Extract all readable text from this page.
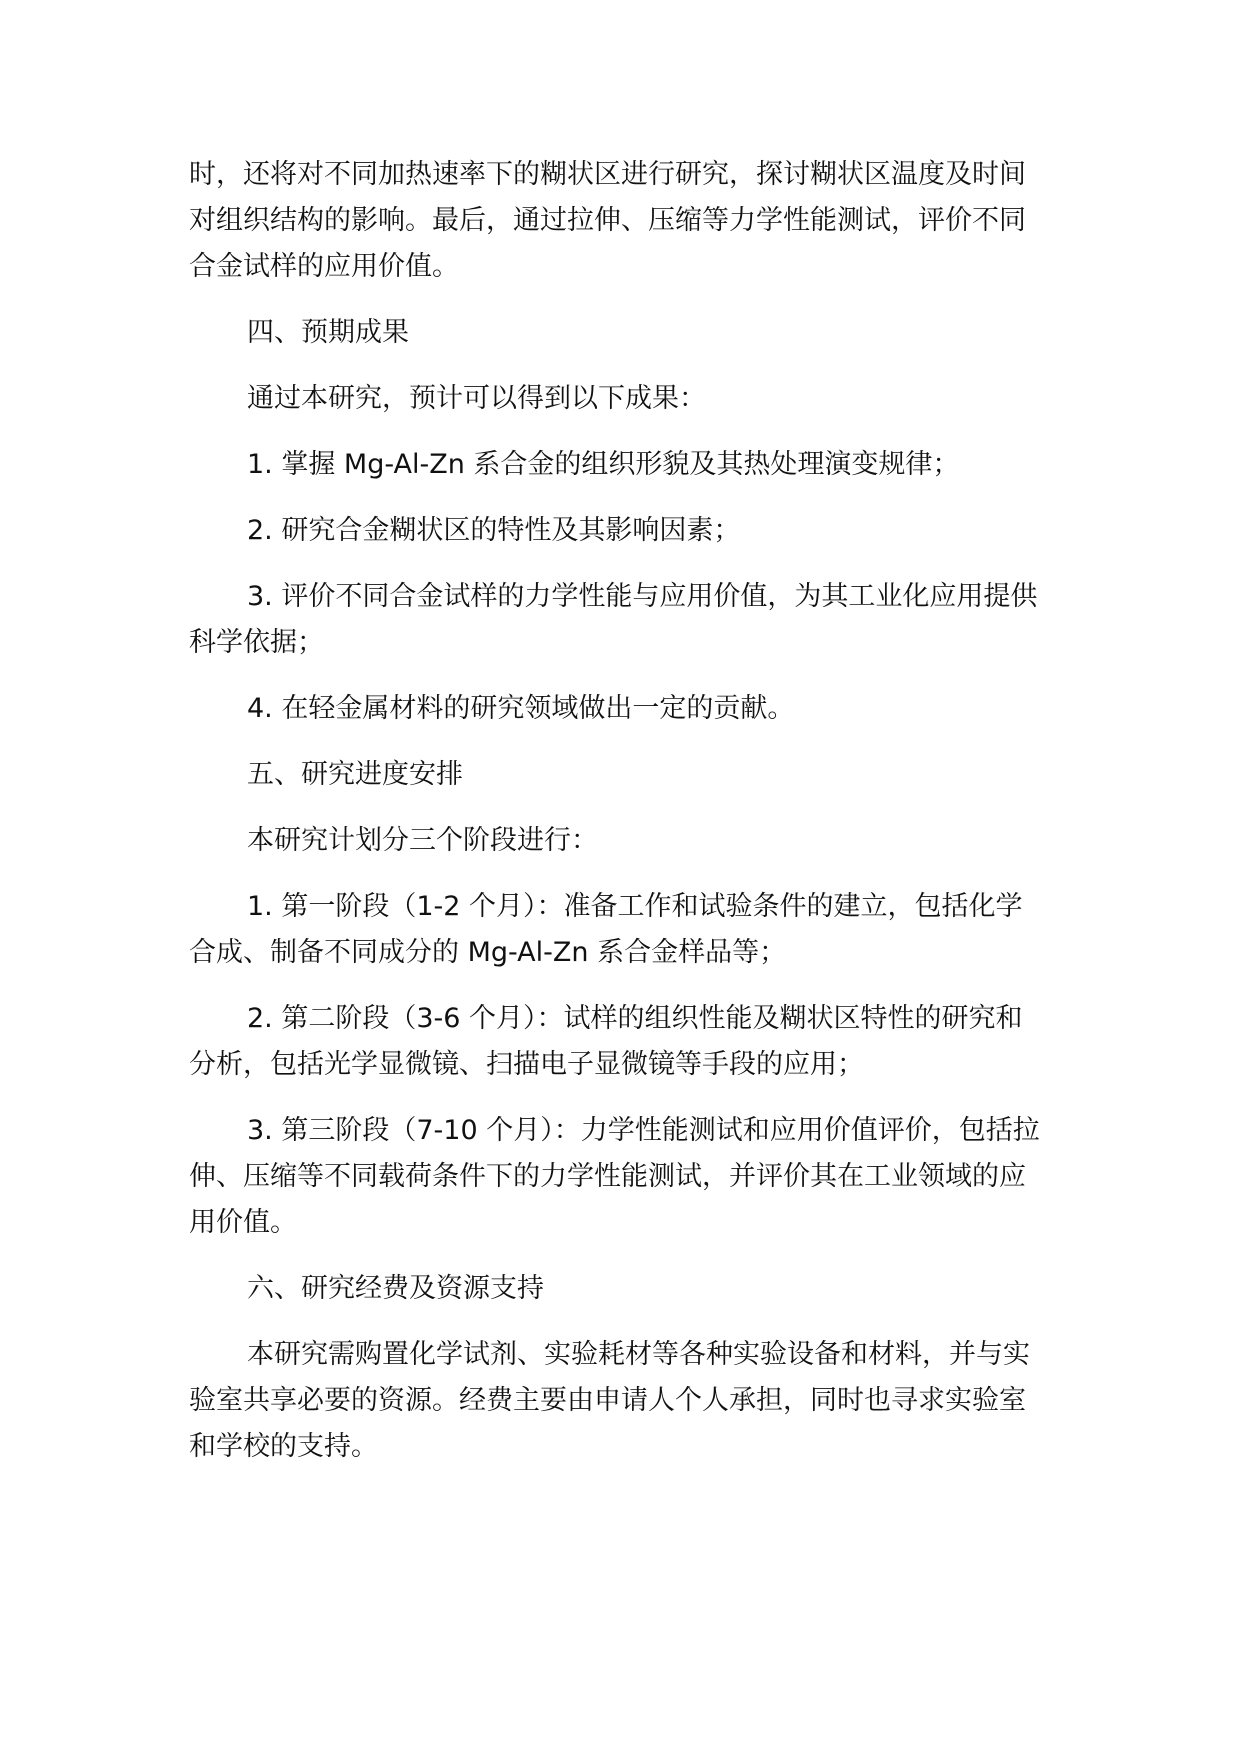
时，还将对不同加热速率下的糊状区进行研究，探讨糊状区温度及时间

对组织结构的影响。最后，通过拉伸、压缩等力学性能测试，评价不同

合金试样的应用价值。

四、预期成果

通过本研究，预计可以得到以下成果：

1. 掌握 Mg-Al-Zn 系合金的组织形貌及其热处理演变规律；

2. 研究合金糊状区的特性及其影响因素；

3. 评价不同合金试样的力学性能与应用价值，为其工业化应用提供

科学依据；

4. 在轻金属材料的研究领域做出一定的贡献。

五、研究进度安排

本研究计划分三个阶段进行：

1. 第一阶段（1-2 个月）：准备工作和试验条件的建立，包括化学

合成、制备不同成分的 Mg-Al-Zn 系合金样品等；

2. 第二阶段（3-6 个月）：试样的组织性能及糊状区特性的研究和

分析，包括光学显微镜、扫描电子显微镜等手段的应用；

3. 第三阶段（7-10 个月）：力学性能测试和应用价值评价，包括拉

伸、压缩等不同载荷条件下的力学性能测试，并评价其在工业领域的应

用价值。

六、研究经费及资源支持

本研究需购置化学试剂、实验耗材等各种实验设备和材料，并与实

验室共享必要的资源。经费主要由申请人个人承担，同时也寻求实验室

和学校的支持。
